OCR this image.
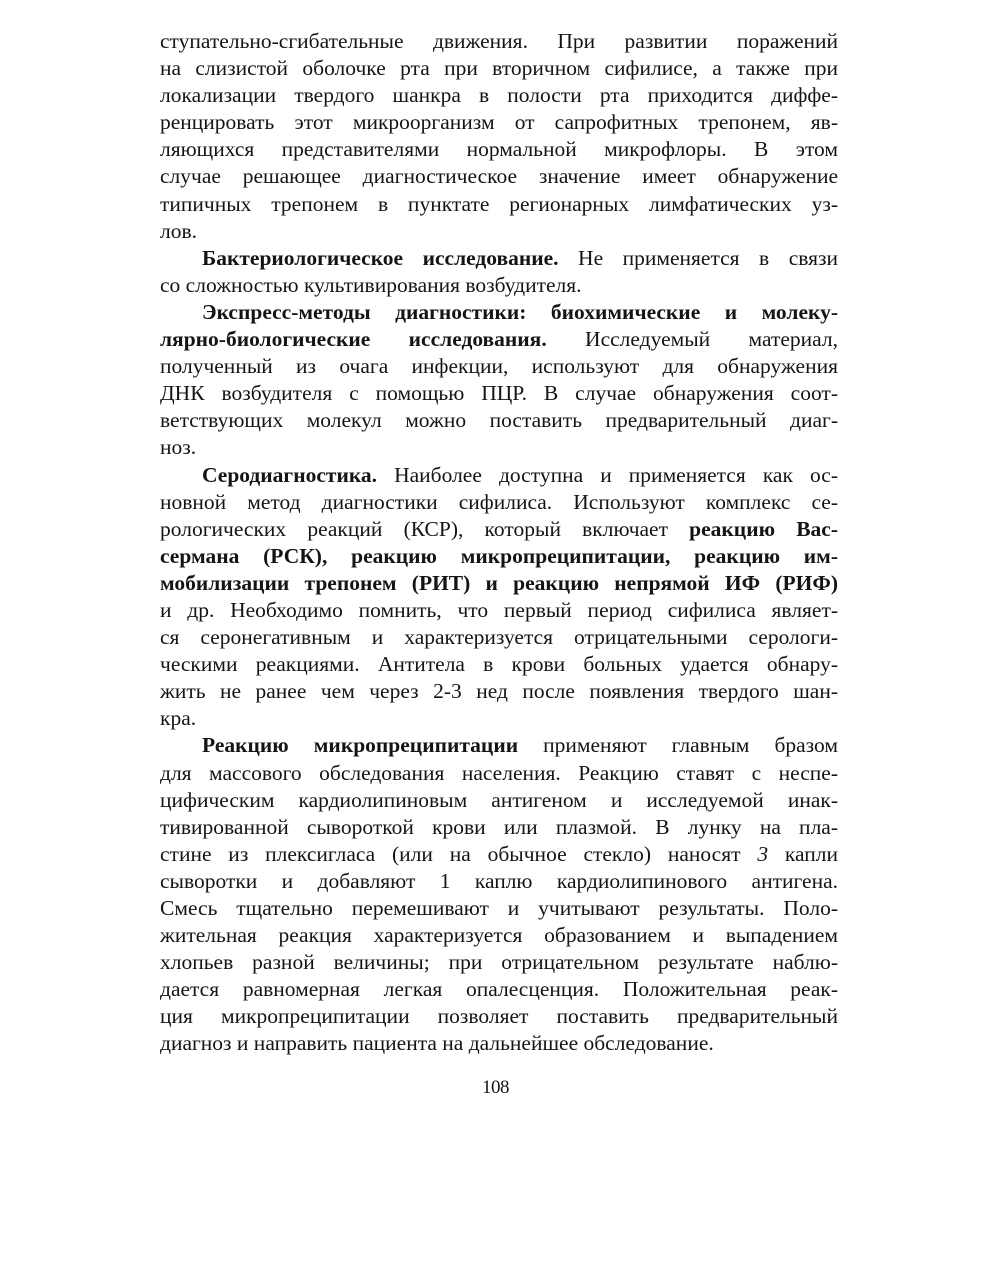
ступательно-сгибательные движения. При развитии поражений
на слизистой оболочке рта при вторичном сифилисе, а также при
локализации твердого шанкра в полости рта приходится диффе-
ренцировать этот микроорганизм от сапрофитных трепонем, яв-
ляющихся представителями нормальной микрофлоры. В этом
случае решающее диагностическое значение имеет обнаружение
типичных трепонем в пунктате регионарных лимфатических уз-
лов.
Бактериологическое исследование. Не применяется в связи
со сложностью культивирования возбудителя.
Экспресс-методы диагностики: биохимические и молеку-
лярно-биологические исследования. Исследуемый материал,
полученный из очага инфекции, используют для обнаружения
ДНК возбудителя с помощью ПЦР. В случае обнаружения соот-
ветствующих молекул можно поставить предварительный диаг-
ноз.
Серодиагностика. Наиболее доступна и применяется как ос-
новной метод диагностики сифилиса. Используют комплекс се-
рологических реакций (КСР), который включает реакцию Вас-
сермана (РСК), реакцию микропреципитации, реакцию им-
мобилизации трепонем (РИТ) и реакцию непрямой ИФ (РИФ)
и др. Необходимо помнить, что первый период сифилиса являет-
ся серонегативным и характеризуется отрицательными серологи-
ческими реакциями. Антитела в крови больных удается обнару-
жить не ранее чем через 2-3 нед после появления твердого шан-
кра.
Реакцию микропреципитации применяют главным бразом
для массового обследования населения. Реакцию ставят с неспе-
цифическим кардиолипиновым антигеном и исследуемой инак-
тивированной сывороткой крови или плазмой. В лунку на пла-
стине из плексигласа (или на обычное стекло) наносят 3 капли
сыворотки и добавляют 1 каплю кардиолипинового антигена.
Смесь тщательно перемешивают и учитывают результаты. Поло-
жительная реакция характеризуется образованием и выпадением
хлопьев разной величины; при отрицательном результате наблю-
дается равномерная легкая опалесценция. Положительная реак-
ция микропреципитации позволяет поставить предварительный
диагноз и направить пациента на дальнейшее обследование.
108
